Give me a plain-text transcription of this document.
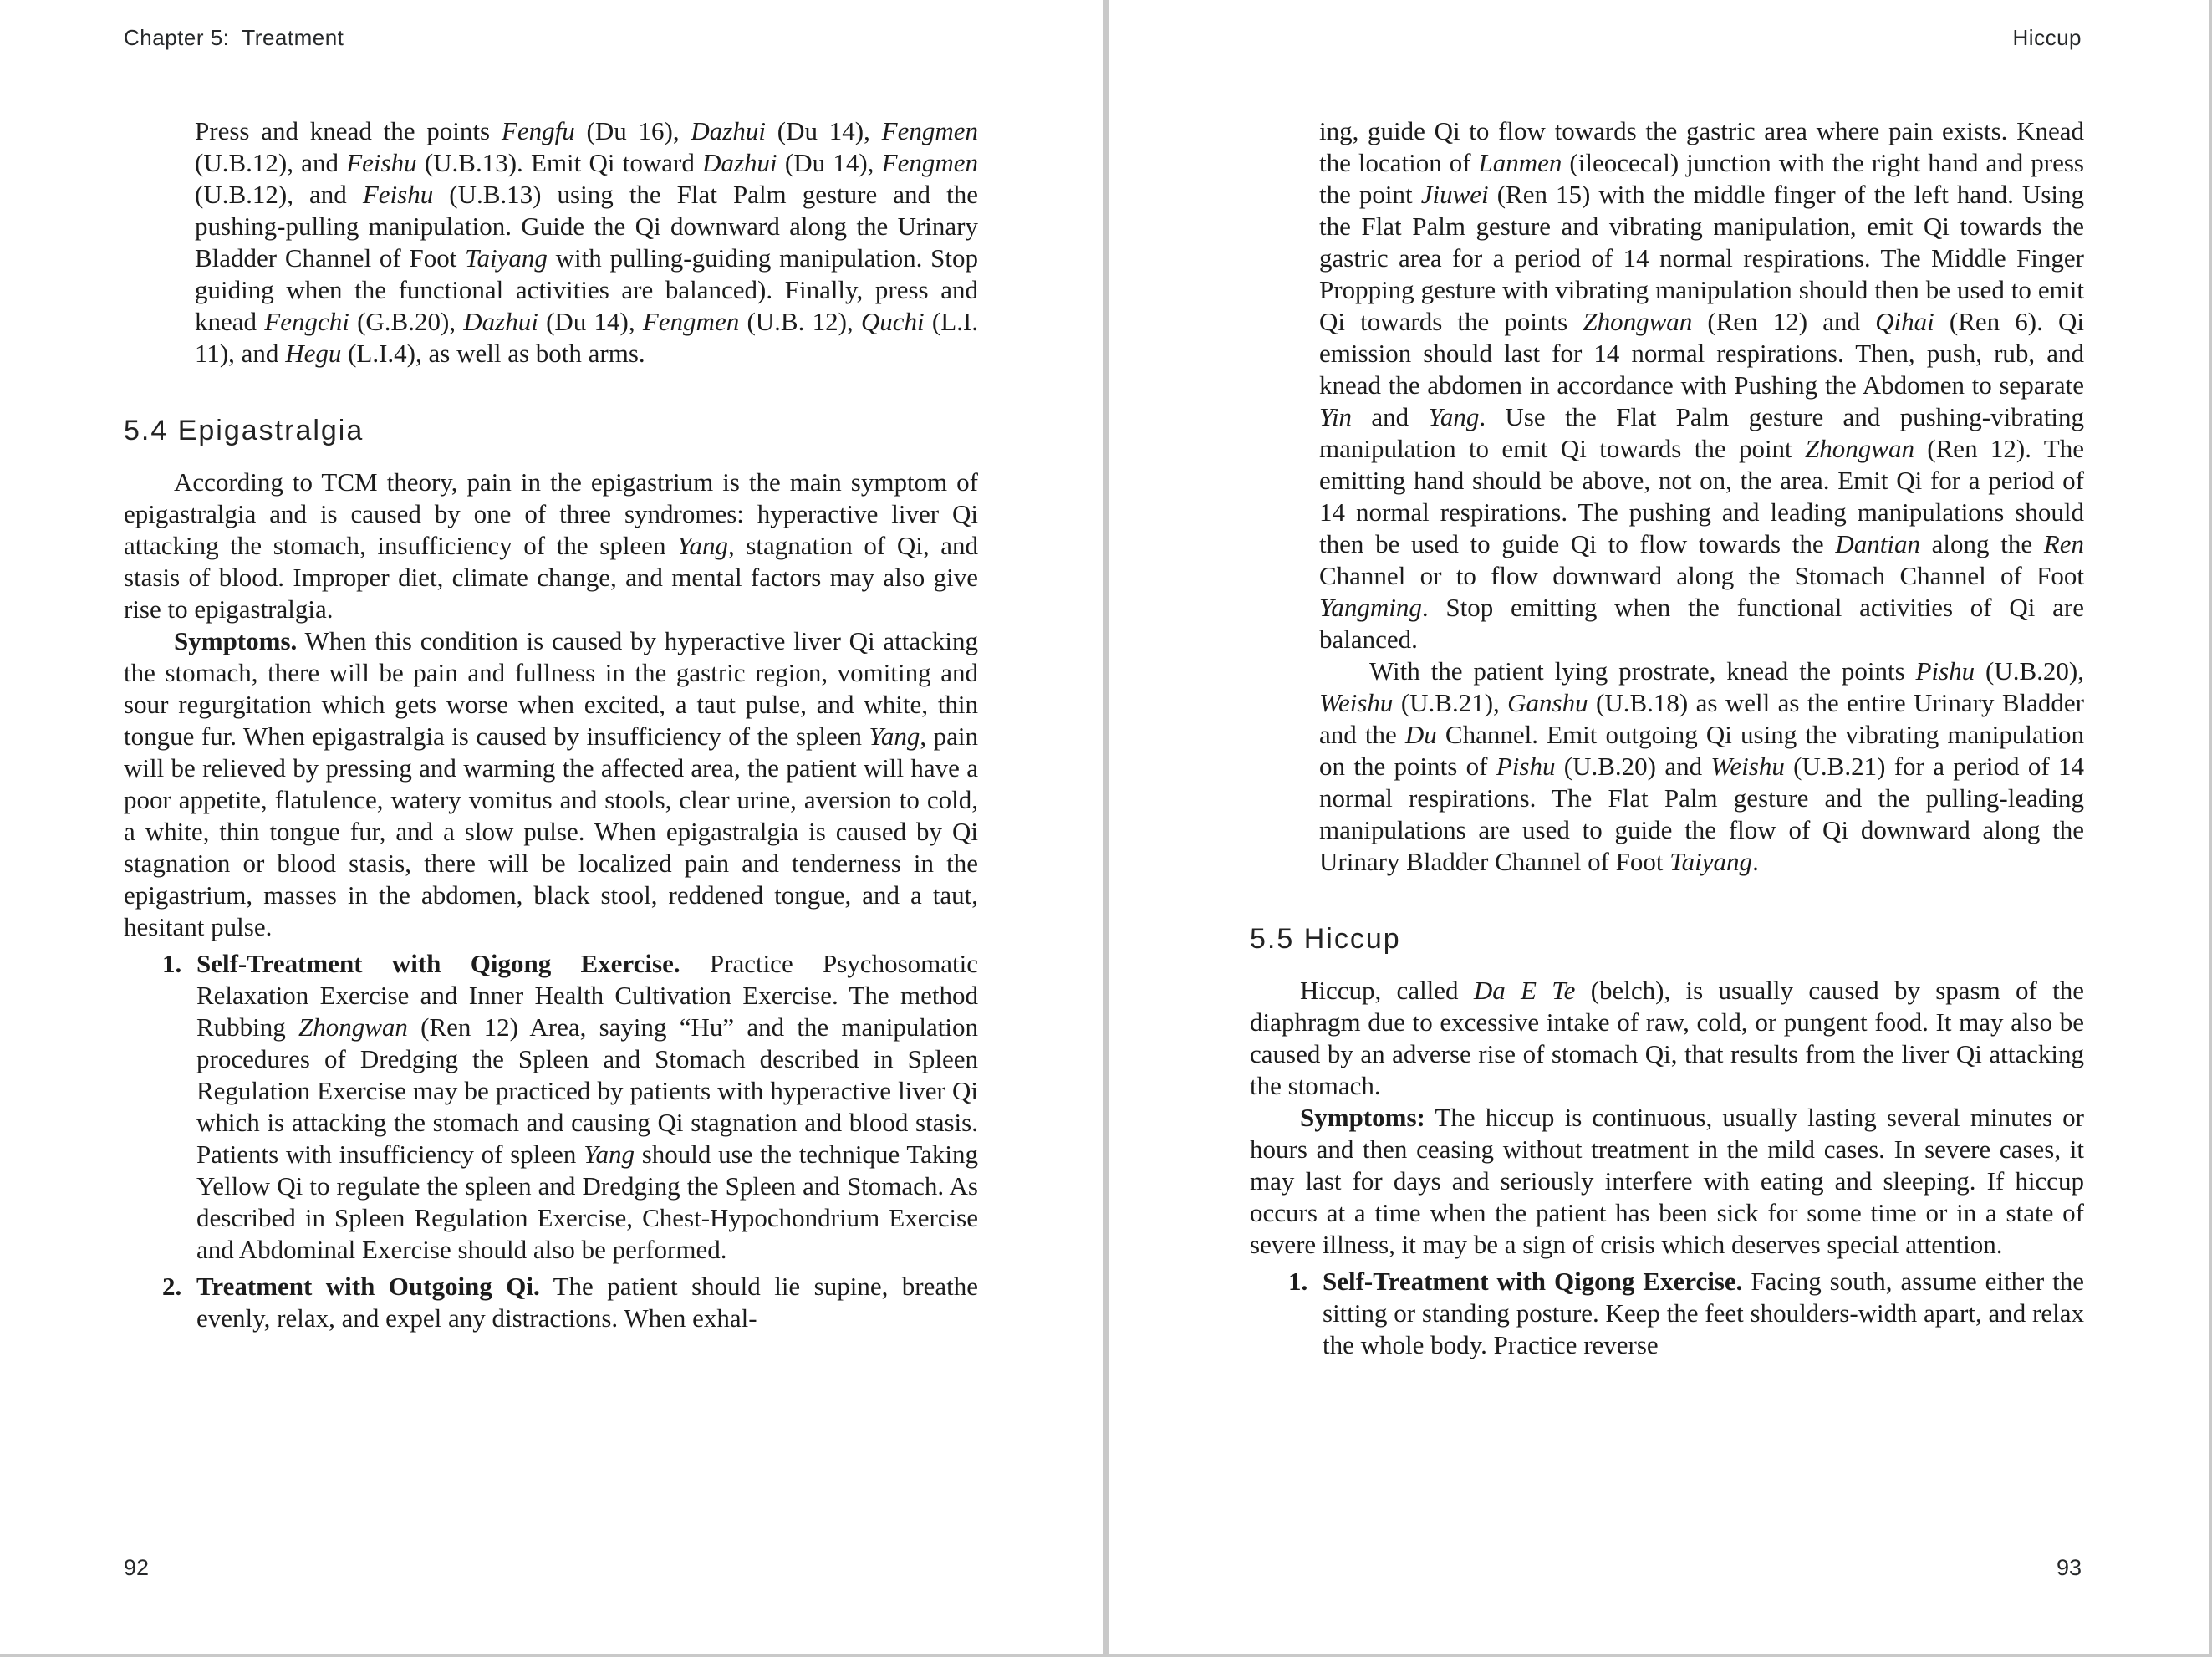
Chapter 5:  Treatment

Press and knead the points Fengfu (Du 16), Dazhui (Du 14), Fengmen (U.B.12), and Feishu (U.B.13). Emit Qi toward Dazhui (Du 14), Fengmen (U.B.12), and Feishu (U.B.13) using the Flat Palm gesture and the pushing-pulling manipulation. Guide the Qi downward along the Urinary Bladder Channel of Foot Taiyang with pulling-guiding manipulation. Stop guiding when the functional activities are balanced). Finally, press and knead Fengchi (G.B.20), Dazhui (Du 14), Fengmen (U.B. 12), Quchi (L.I. 11), and Hegu (L.I.4), as well as both arms.

5.4 Epigastralgia

According to TCM theory, pain in the epigastrium is the main symptom of epigastralgia and is caused by one of three syndromes: hyperactive liver Qi attacking the stomach, insufficiency of the spleen Yang, stagnation of Qi, and stasis of blood. Improper diet, climate change, and mental factors may also give rise to epigastralgia.

Symptoms. When this condition is caused by hyperactive liver Qi attacking the stomach, there will be pain and fullness in the gastric region, vomiting and sour regurgitation which gets worse when excited, a taut pulse, and white, thin tongue fur. When epigastralgia is caused by insufficiency of the spleen Yang, pain will be relieved by pressing and warming the affected area, the patient will have a poor appetite, flatulence, watery vomitus and stools, clear urine, aversion to cold, a white, thin tongue fur, and a slow pulse. When epigastralgia is caused by Qi stagnation or blood stasis, there will be localized pain and tenderness in the epigastrium, masses in the abdomen, black stool, reddened tongue, and a taut, hesitant pulse.

1. Self-Treatment with Qigong Exercise. Practice Psychosomatic Relaxation Exercise and Inner Health Cultivation Exercise. The method Rubbing Zhongwan (Ren 12) Area, saying “Hu” and the manipulation procedures of Dredging the Spleen and Stomach described in Spleen Regulation Exercise may be practiced by patients with hyperactive liver Qi which is attacking the stomach and causing Qi stagnation and blood stasis. Patients with insufficiency of spleen Yang should use the technique Taking Yellow Qi to regulate the spleen and Dredging the Spleen and Stomach. As described in Spleen Regulation Exercise, Chest-Hypochondrium Exercise and Abdominal Exercise should also be performed.
2. Treatment with Outgoing Qi. The patient should lie supine, breathe evenly, relax, and expel any distractions. When exhal-
92
Hiccup

ing, guide Qi to flow towards the gastric area where pain exists. Knead the location of Lanmen (ileocecal) junction with the right hand and press the point Jiuwei (Ren 15) with the middle finger of the left hand. Using the Flat Palm gesture and vibrating manipulation, emit Qi towards the gastric area for a period of 14 normal respirations. The Middle Finger Propping gesture with vibrating manipulation should then be used to emit Qi towards the points Zhongwan (Ren 12) and Qihai (Ren 6). Qi emission should last for 14 normal respirations. Then, push, rub, and knead the abdomen in accordance with Pushing the Abdomen to separate Yin and Yang. Use the Flat Palm gesture and pushing-vibrating manipulation to emit Qi towards the point Zhongwan (Ren 12). The emitting hand should be above, not on, the area. Emit Qi for a period of 14 normal respirations. The pushing and leading manipulations should then be used to guide Qi to flow towards the Dantian along the Ren Channel or to flow downward along the Stomach Channel of Foot Yangming. Stop emitting when the functional activities of Qi are balanced.

With the patient lying prostrate, knead the points Pishu (U.B.20), Weishu (U.B.21), Ganshu (U.B.18) as well as the entire Urinary Bladder and the Du Channel. Emit outgoing Qi using the vibrating manipulation on the points of Pishu (U.B.20) and Weishu (U.B.21) for a period of 14 normal respirations. The Flat Palm gesture and the pulling-leading manipulations are used to guide the flow of Qi downward along the Urinary Bladder Channel of Foot Taiyang.

5.5 Hiccup

Hiccup, called Da E Te (belch), is usually caused by spasm of the diaphragm due to excessive intake of raw, cold, or pungent food. It may also be caused by an adverse rise of stomach Qi, that results from the liver Qi attacking the stomach.

Symptoms: The hiccup is continuous, usually lasting several minutes or hours and then ceasing without treatment in the mild cases. In severe cases, it may last for days and seriously interfere with eating and sleeping. If hiccup occurs at a time when the patient has been sick for some time or in a state of severe illness, it may be a sign of crisis which deserves special attention.

1. Self-Treatment with Qigong Exercise. Facing south, assume either the sitting or standing posture. Keep the feet shoulders-width apart, and relax the whole body. Practice reverse
93
